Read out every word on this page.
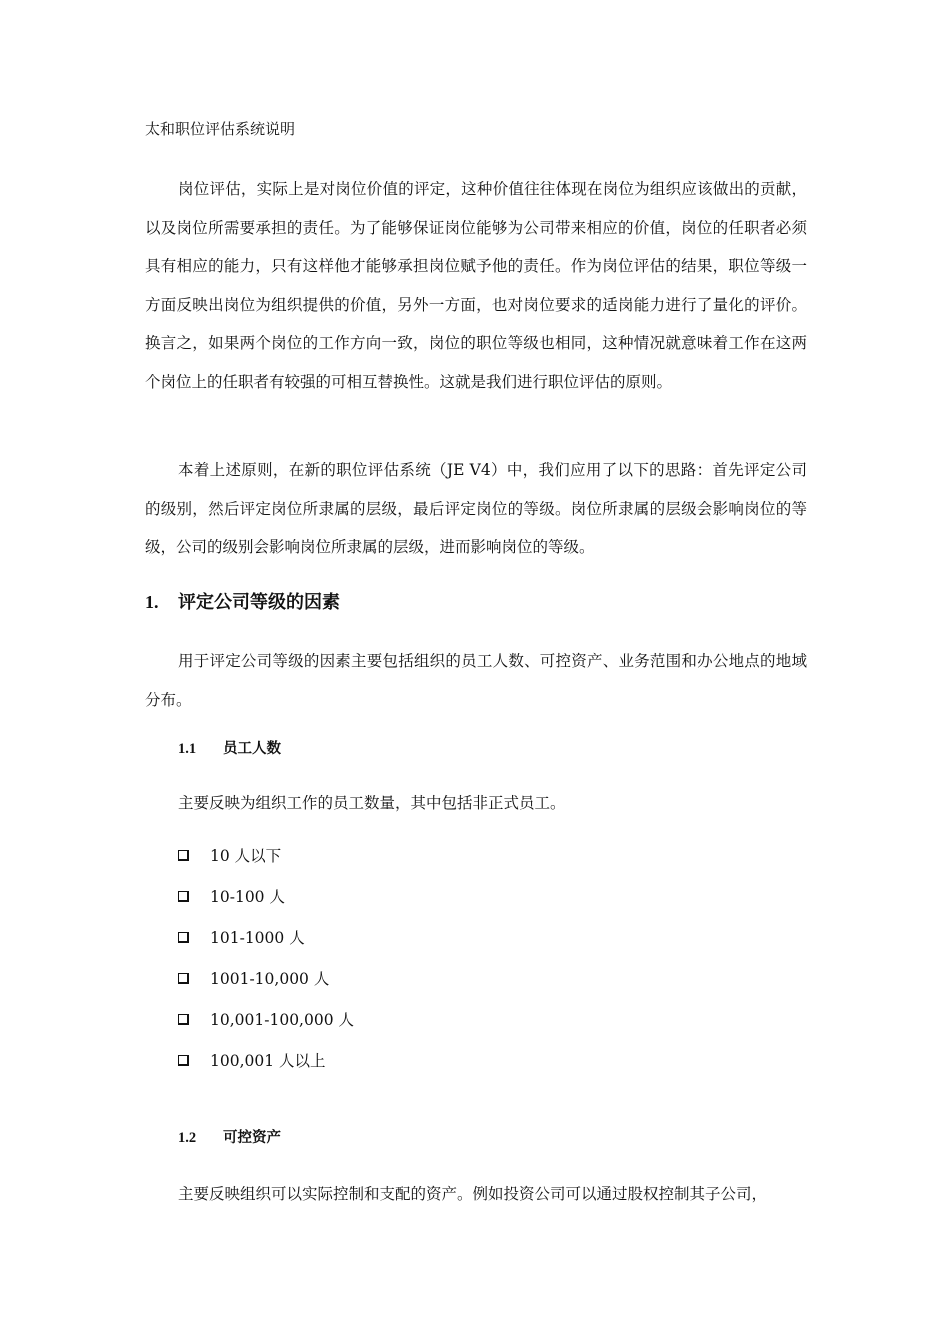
太和职位评估系统说明

岗位评估，实际上是对岗位价值的评定，这种价值往往体现在岗位为组织应该做出的贡献，以及岗位所需要承担的责任。为了能够保证岗位能够为公司带来相应的价值，岗位的任职者必须具有相应的能力，只有这样他才能够承担岗位赋予他的责任。作为岗位评估的结果，职位等级一方面反映出岗位为组织提供的价值，另外一方面，也对岗位要求的适岗能力进行了量化的评价。换言之，如果两个岗位的工作方向一致，岗位的职位等级也相同，这种情况就意味着工作在这两个岗位上的任职者有较强的可相互替换性。这就是我们进行职位评估的原则。

本着上述原则，在新的职位评估系统（JE V4）中，我们应用了以下的思路：首先评定公司的级别，然后评定岗位所隶属的层级，最后评定岗位的等级。岗位所隶属的层级会影响岗位的等级，公司的级别会影响岗位所隶属的层级，进而影响岗位的等级。

1. 评定公司等级的因素

用于评定公司等级的因素主要包括组织的员工人数、可控资产、业务范围和办公地点的地域分布。

1.1 员工人数

主要反映为组织工作的员工数量，其中包括非正式员工。

10 人以下
10-100 人
101-1000 人
1001-10,000 人
10,001-100,000 人
100,001 人以上
1.2 可控资产

主要反映组织可以实际控制和支配的资产。例如投资公司可以通过股权控制其子公司，
